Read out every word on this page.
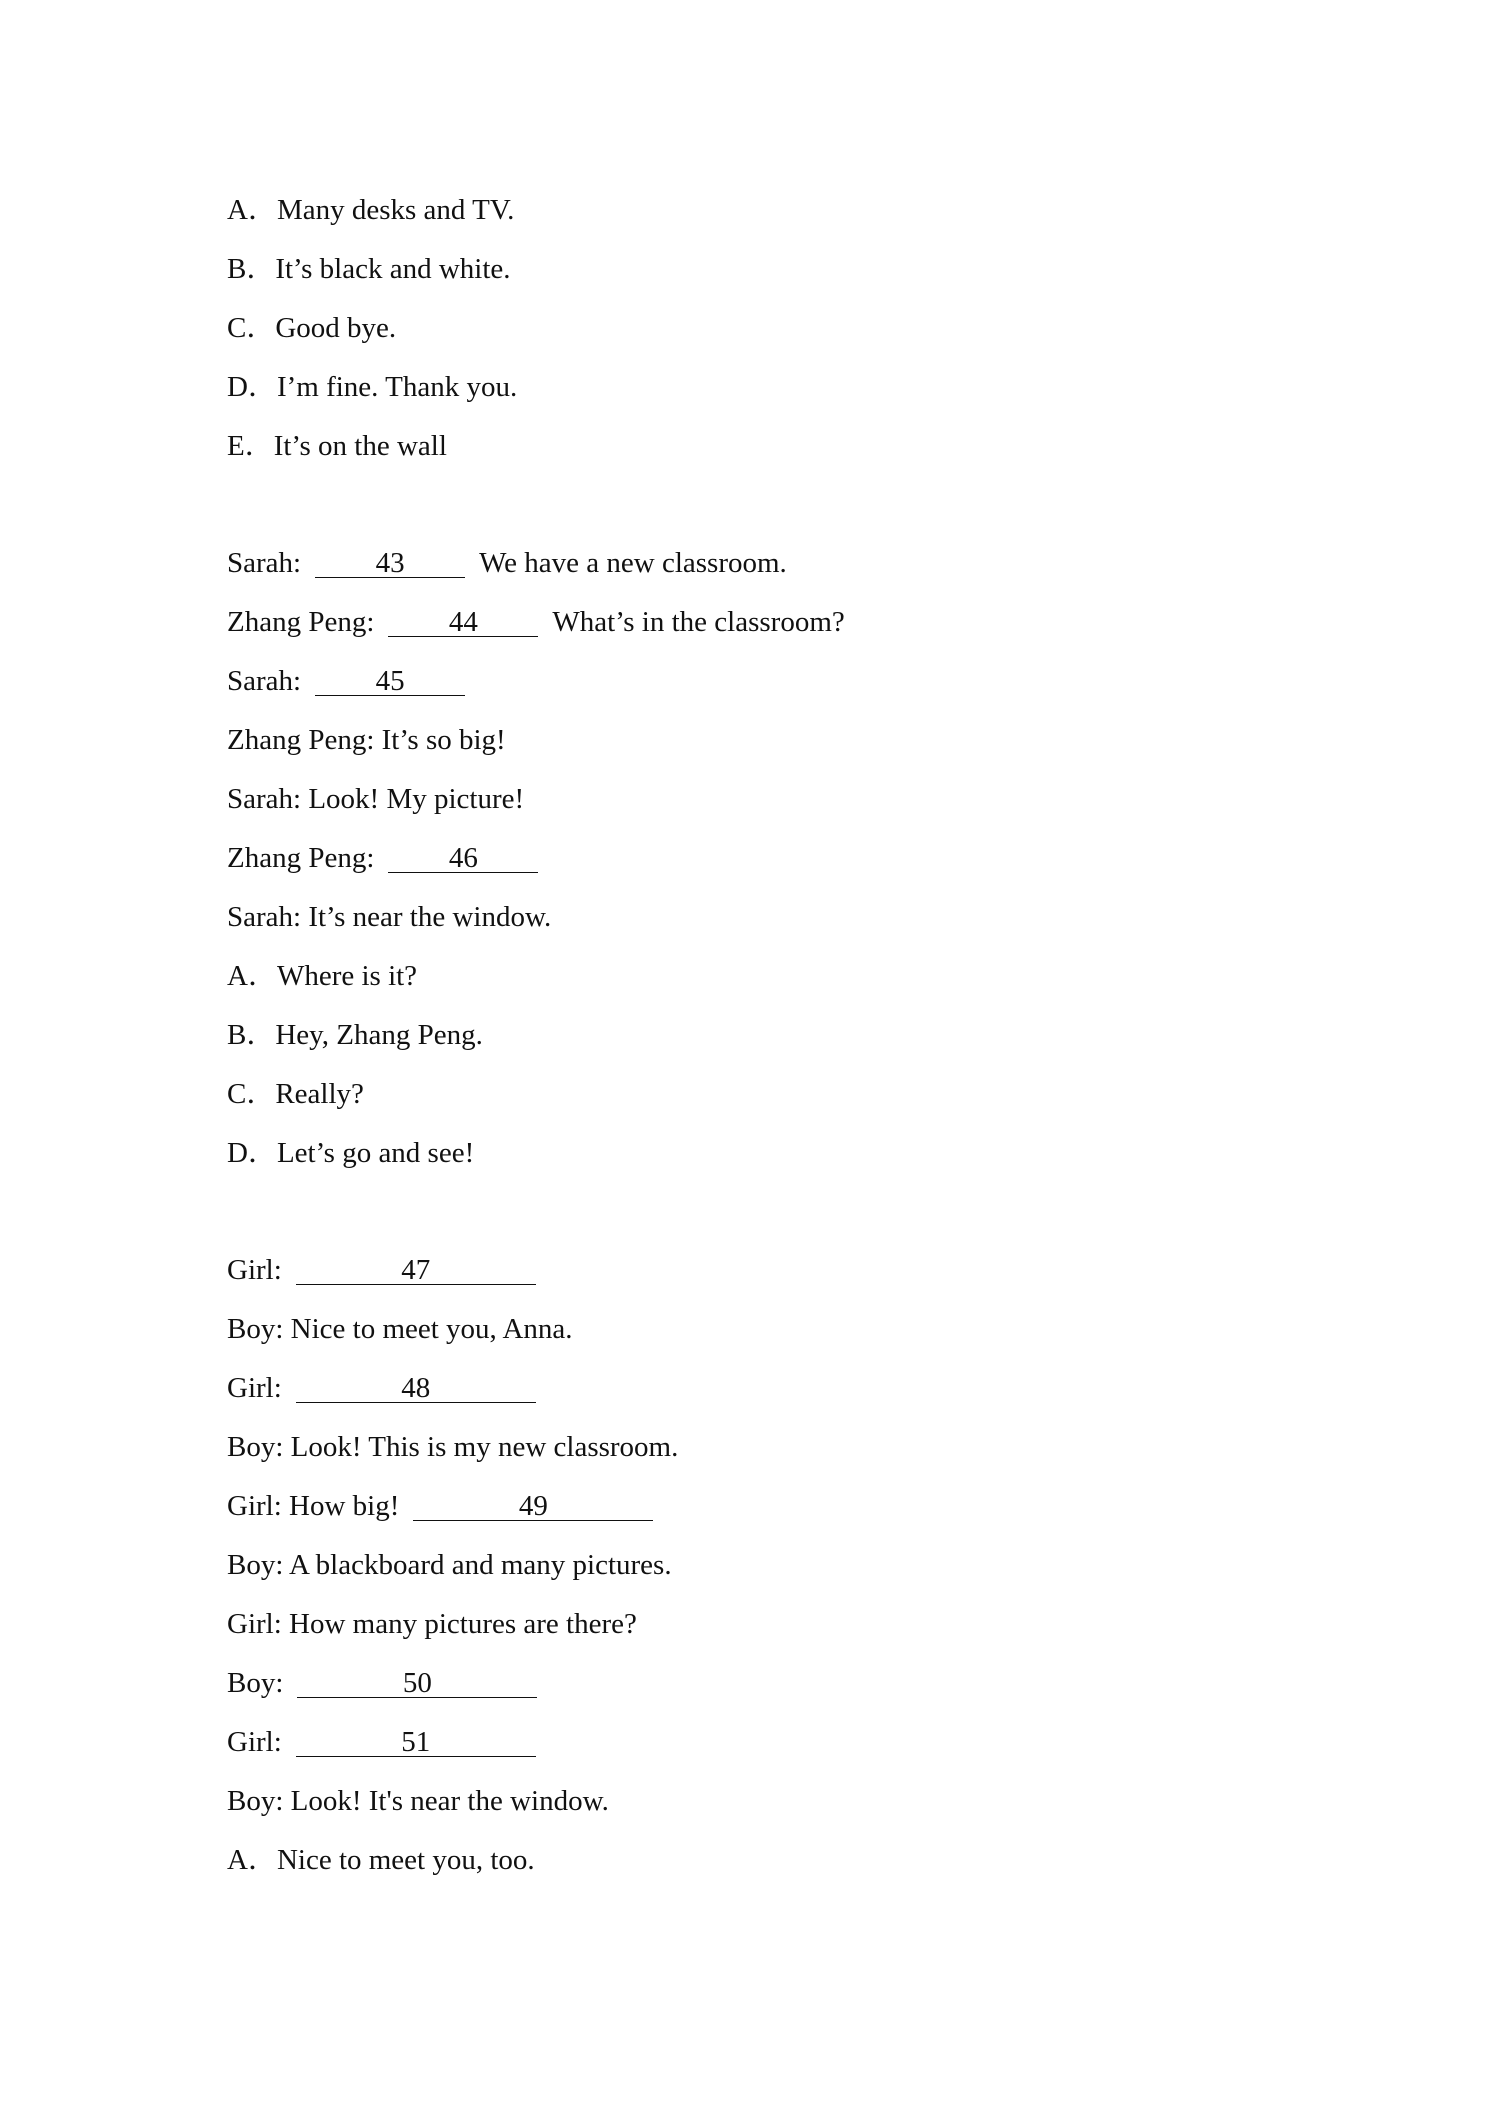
A．Many desks and TV.
B．It’s black and white.
C．Good bye.
D．I’m fine. Thank you.
E．It’s on the wall
Sarah:	43	We have a new classroom.
Zhang Peng:	44	What’s in the classroom?
Sarah:	45
Zhang Peng: It’s so big!
Sarah: Look! My picture!
Zhang Peng:	46
Sarah: It’s near the window.
A．Where is it?
B．Hey, Zhang Peng.
C．Really?
D．Let’s go and see!
Girl:	47
Boy: Nice to meet you, Anna.
Girl:	48
Boy: Look! This is my new classroom.
Girl: How big!	49
Boy: A blackboard and many pictures.
Girl: How many pictures are there?
Boy:	50
Girl:	51
Boy: Look! It's near the window.
A．Nice to meet you, too.
